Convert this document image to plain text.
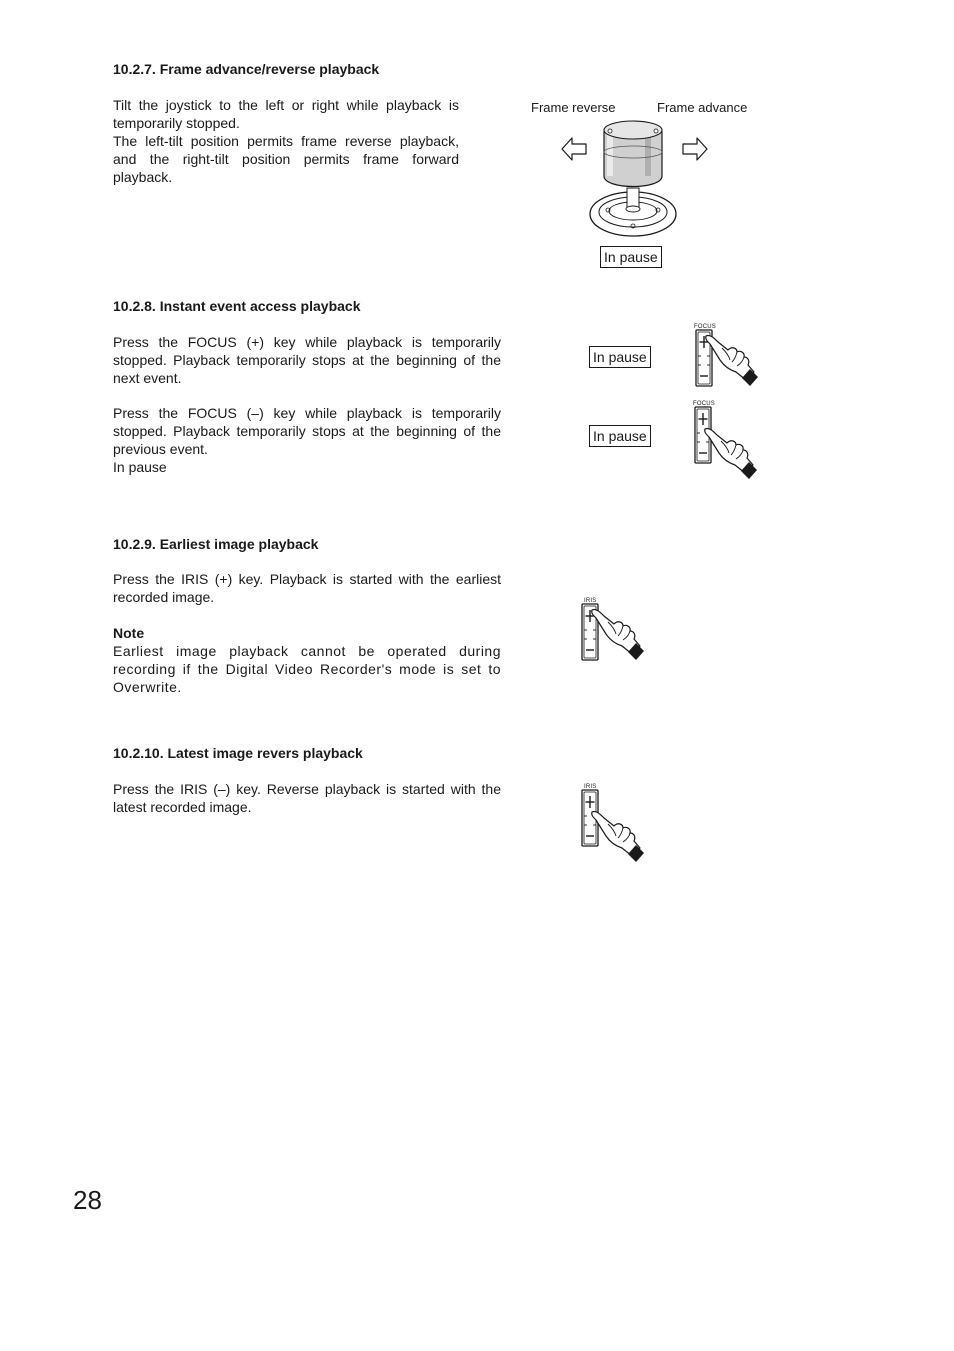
10.2.7. Frame advance/reverse playback

Tilt the joystick to the left or right while playback is temporarily stopped.

The left-tilt position permits frame reverse playback, and the right-tilt position permits frame forward playback.

Frame reverse	Frame advance
In pause
10.2.8. Instant event access playback

Press the FOCUS (+) key while playback is temporarily stopped. Playback temporarily stops at the beginning of the next event.

Press the FOCUS (–) key while playback is temporarily stopped. Playback temporarily stops at the beginning of the previous event.

In pause

In pause
In pause
FOCUS
FOCUS
10.2.9. Earliest image playback

Press the IRIS (+) key. Playback is started with the earliest recorded image.

Note

Earliest image playback cannot be operated during recording if the Digital Video Recorder's mode is set to Overwrite.

IRIS
10.2.10. Latest image revers playback

Press the IRIS (–) key. Reverse playback is started with the latest recorded image.

IRIS
28
